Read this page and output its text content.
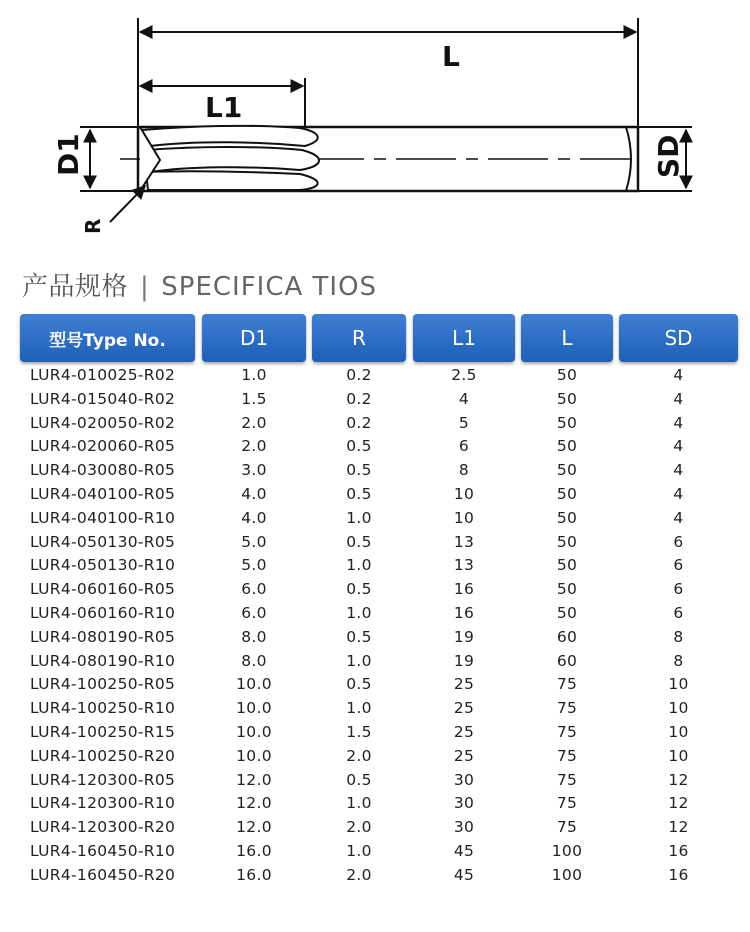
L
L1
D1	SD
R
产品规格 | SPECIFICA TIOS
型号Type No.	D1	R	L1	L	SD
LUR4-010025-R02	1.0	0.2	2.5	50	4
LUR4-015040-R02	1.5	0.2	4	50	4
LUR4-020050-R02	2.0	0.2	5	50	4
LUR4-020060-R05	2.0	0.5	6	50	4
LUR4-030080-R05	3.0	0.5	8	50	4
LUR4-040100-R05	4.0	0.5	10	50	4
LUR4-040100-R10	4.0	1.0	10	50	4
LUR4-050130-R05	5.0	0.5	13	50	6
LUR4-050130-R10	5.0	1.0	13	50	6
LUR4-060160-R05	6.0	0.5	16	50	6
LUR4-060160-R10	6.0	1.0	16	50	6
LUR4-080190-R05	8.0	0.5	19	60	8
LUR4-080190-R10	8.0	1.0	19	60	8
LUR4-100250-R05	10.0	0.5	25	75	10
LUR4-100250-R10	10.0	1.0	25	75	10
LUR4-100250-R15	10.0	1.5	25	75	10
LUR4-100250-R20	10.0	2.0	25	75	10
LUR4-120300-R05	12.0	0.5	30	75	12
LUR4-120300-R10	12.0	1.0	30	75	12
LUR4-120300-R20	12.0	2.0	30	75	12
LUR4-160450-R10	16.0	1.0	45	100	16
LUR4-160450-R20	16.0	2.0	45	100	16
